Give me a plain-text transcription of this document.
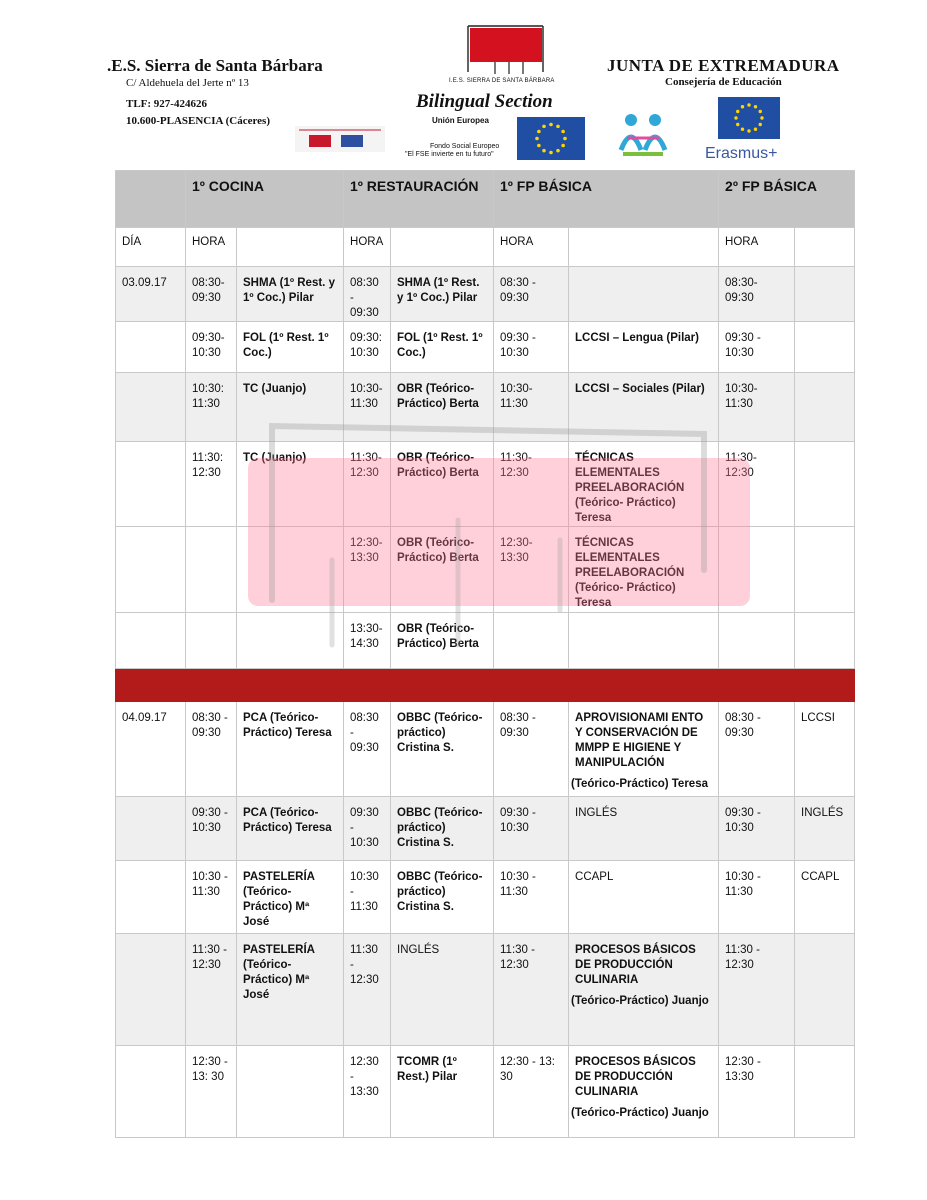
.E.S. Sierra de Santa Bárbara
C/ Aldehuela del Jerte nº 13
TLF: 927-424626
10.600-PLASENCIA (Cáceres)
I.E.S. SIERRA DE SANTA BÁRBARA
Bilingual Section
Unión Europea
Fondo Social Europeo
"El FSE invierte en tu futuro"
JUNTA DE EXTREMADURA
Consejería de Educación
Erasmus+
	1º COCINA		1º RESTAURACIÓN		1º FP BÁSICA		2º FP BÁSICA	
DÍA	HORA		HORA		HORA		HORA	
03.09.17	08:30- 09:30	SHMA (1º Rest. y 1º Coc.) Pilar	08:30 - 09:30	SHMA (1º Rest. y 1º Coc.) Pilar	08:30 - 09:30		08:30- 09:30	
	09:30- 10:30	FOL (1º Rest. 1º Coc.)	09:30: 10:30	FOL (1º Rest. 1º Coc.)	09:30 - 10:30	LCCSI – Lengua (Pilar)	09:30 - 10:30	
	10:30: 11:30	TC (Juanjo)	10:30- 11:30	OBR (Teórico-Práctico) Berta	10:30- 11:30	LCCSI – Sociales (Pilar)	10:30- 11:30	
	11:30: 12:30	TC (Juanjo)	11:30- 12:30	OBR (Teórico-Práctico) Berta	11:30- 12:30	TÉCNICAS ELEMENTALES PREELABORACIÓN (Teórico- Práctico) Teresa	11:30- 12:30	
			12:30- 13:30	OBR (Teórico-Práctico) Berta	12:30- 13:30	TÉCNICAS ELEMENTALES PREELABORACIÓN (Teórico- Práctico) Teresa		
			13:30- 14:30	OBR (Teórico-Práctico) Berta				

04.09.17	08:30 - 09:30	PCA (Teórico-Práctico) Teresa	08:30 - 09:30	OBBC (Teórico-práctico) Cristina S.	08:30 - 09:30	APROVISIONAMI ENTO Y CONSERVACIÓN DE MMPP E HIGIENE Y MANIPULACIÓN
(Teórico-Práctico) Teresa	08:30 - 09:30	LCCSI
	09:30 - 10:30	PCA (Teórico-Práctico) Teresa	09:30 - 10:30	OBBC (Teórico-práctico) Cristina S.	09:30 - 10:30	INGLÉS	09:30 - 10:30	INGLÉS
	10:30 - 11:30	PASTELERÍA (Teórico-Práctico) Mª José	10:30 - 11:30	OBBC (Teórico-práctico) Cristina S.	10:30 - 11:30	CCAPL	10:30 - 11:30	CCAPL
	11:30 - 12:30	PASTELERÍA (Teórico-Práctico) Mª José	11:30 - 12:30	INGLÉS	11:30 - 12:30	PROCESOS BÁSICOS DE PRODUCCIÓN CULINARIA
(Teórico-Práctico) Juanjo	11:30 - 12:30	
	12:30 - 13: 30		12:30 - 13:30	TCOMR (1º Rest.) Pilar	12:30 - 13: 30	PROCESOS BÁSICOS DE PRODUCCIÓN CULINARIA
(Teórico-Práctico) Juanjo	12:30 - 13:30	
